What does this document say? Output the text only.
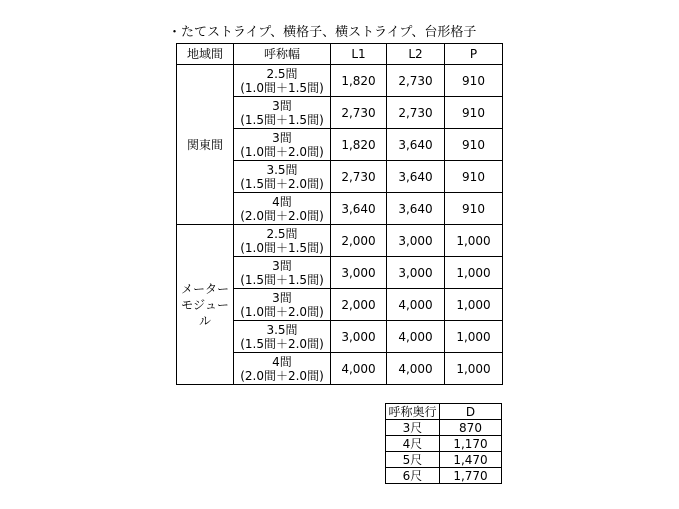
・たてストライプ、横格子、横ストライプ、台形格子
地域間	呼称幅	L1	L2	P
関東間	2.5間
(1.0間＋1.5間)	1,820	2,730	910

	3間
(1.5間＋1.5間)	2,730	2,730	910

	3間
(1.0間＋2.0間)	1,820	3,640	910

	3.5間
(1.5間＋2.0間)	2,730	3,640	910

	4間
(2.0間＋2.0間)	3,640	3,640	910

メーター
モジュール	2.5間
(1.0間＋1.5間)	2,000	3,000	1,000

	3間
(1.5間＋1.5間)	3,000	3,000	1,000

	3間
(1.0間＋2.0間)	2,000	4,000	1,000

	3.5間
(1.5間＋2.0間)	3,000	4,000	1,000

	4間
(2.0間＋2.0間)	4,000	4,000	1,000
呼称奥行	D
3尺	870
4尺	1,170
5尺	1,470
6尺	1,770
